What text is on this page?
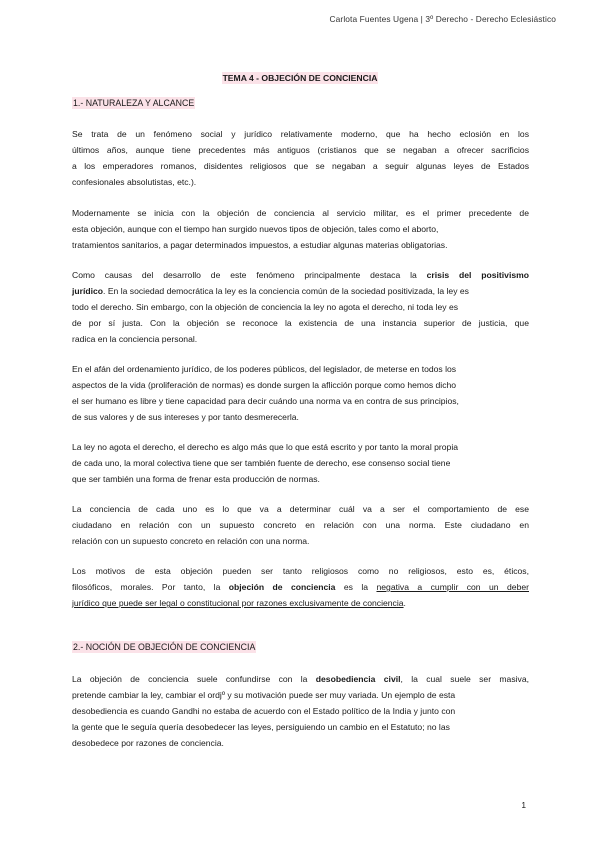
Carlota Fuentes Ugena | 3º Derecho - Derecho Eclesiástico
TEMA 4 - OBJECIÓN DE CONCIENCIA
1.- NATURALEZA Y ALCANCE
Se trata de un fenómeno social y jurídico relativamente moderno, que ha hecho eclosión en los
últimos años, aunque tiene precedentes más antiguos (cristianos que se negaban a ofrecer sacrificios
a los emperadores romanos, disidentes religiosos que se negaban a seguir algunas leyes de Estados
confesionales absolutistas, etc.).
Modernamente se inicia con la objeción de conciencia al servicio militar, es el primer precedente de
esta objeción, aunque con el tiempo han surgido nuevos tipos de objeción, tales como el aborto,
tratamientos sanitarios, a pagar determinados impuestos, a estudiar algunas materias obligatorias.
Como causas del desarrollo de este fenómeno principalmente destaca la crisis del positivismo
jurídico. En la sociedad democrática la ley es la conciencia común de la sociedad positivizada, la ley es
todo el derecho. Sin embargo, con la objeción de conciencia la ley no agota el derecho, ni toda ley es
de por sí justa. Con la objeción se reconoce la existencia de una instancia superior de justicia, que
radica en la conciencia personal.
En el afán del ordenamiento jurídico, de los poderes públicos, del legislador, de meterse en todos los
aspectos de la vida (proliferación de normas) es donde surgen la aflicción porque como hemos dicho
el ser humano es libre y tiene capacidad para decir cuándo una norma va en contra de sus principios,
de sus valores y de sus intereses y por tanto desmerecerla.
La ley no agota el derecho, el derecho es algo más que lo que está escrito y por tanto la moral propia
de cada uno, la moral colectiva tiene que ser también fuente de derecho, ese consenso social tiene
que ser también una forma de frenar esta producción de normas.
La conciencia de cada uno es lo que va a determinar cuál va a ser el comportamiento de ese
ciudadano en relación con un supuesto concreto en relación con una norma. Este ciudadano en
relación con un supuesto concreto en relación con una norma.
Los motivos de esta objeción pueden ser tanto religiosos como no religiosos, esto es, éticos,
filosóficos, morales. Por tanto, la objeción de conciencia es la negativa a cumplir con un deber
jurídico que puede ser legal o constitucional por razones exclusivamente de conciencia.
2.- NOCIÓN DE OBJECIÓN DE CONCIENCIA
La objeción de conciencia suele confundirse con la desobediencia civil, la cual suele ser masiva,
pretende cambiar la ley, cambiar el ordjº y su motivación puede ser muy variada. Un ejemplo de esta
desobediencia es cuando Gandhi no estaba de acuerdo con el Estado político de la India y junto con
la gente que le seguía quería desobedecer las leyes, persiguiendo un cambio en el Estatuto; no las
desobedece por razones de conciencia.
1
